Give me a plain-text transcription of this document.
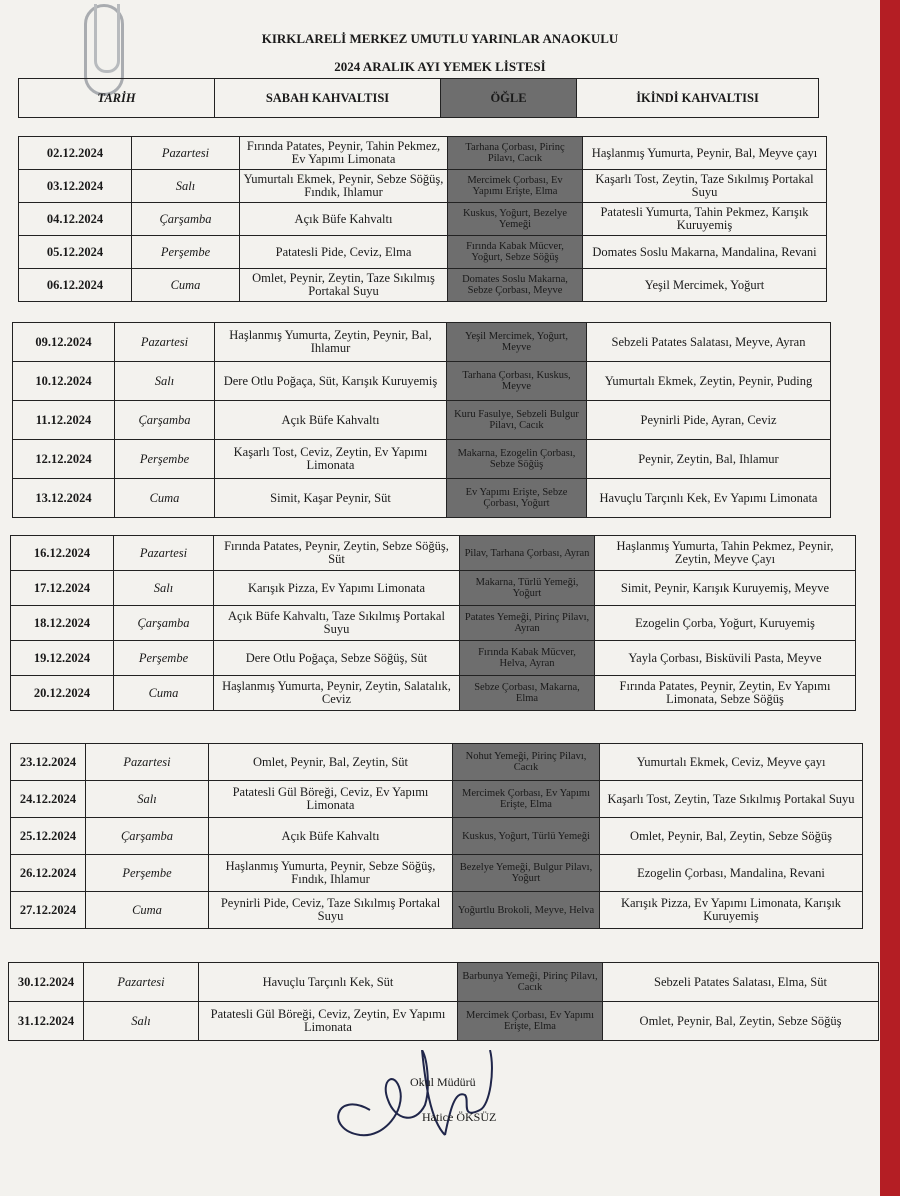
KIRKLARELİ MERKEZ UMUTLU YARINLAR ANAOKULU
2024 ARALIK AYI YEMEK LİSTESİ
TARİH	SABAH KAHVALTISI	ÖĞLE	İKİNDİ KAHVALTISI
02.12.2024	Pazartesi	Fırında Patates, Peynir, Tahin Pekmez, Ev Yapımı Limonata	Tarhana Çorbası, Pirinç Pilavı, Cacık	Haşlanmış Yumurta, Peynir, Bal, Meyve çayı
03.12.2024	Salı	Yumurtalı Ekmek, Peynir, Sebze Söğüş, Fındık, Ihlamur	Mercimek Çorbası, Ev Yapımı Erişte, Elma	Kaşarlı Tost, Zeytin, Taze Sıkılmış Portakal Suyu
04.12.2024	Çarşamba	Açık Büfe Kahvaltı	Kuskus, Yoğurt, Bezelye Yemeği	Patatesli Yumurta, Tahin Pekmez, Karışık Kuruyemiş
05.12.2024	Perşembe	Patatesli Pide, Ceviz, Elma	Fırında Kabak Mücver, Yoğurt, Sebze Söğüş	Domates Soslu Makarna, Mandalina, Revani
06.12.2024	Cuma	Omlet, Peynir, Zeytin, Taze Sıkılmış Portakal Suyu	Domates Soslu Makarna, Sebze Çorbası, Meyve	Yeşil Mercimek, Yoğurt
09.12.2024	Pazartesi	Haşlanmış Yumurta, Zeytin, Peynir, Bal, Ihlamur	Yeşil Mercimek, Yoğurt, Meyve	Sebzeli Patates Salatası, Meyve, Ayran
10.12.2024	Salı	Dere Otlu Poğaça, Süt, Karışık Kuruyemiş	Tarhana Çorbası, Kuskus, Meyve	Yumurtalı Ekmek, Zeytin, Peynir, Puding
11.12.2024	Çarşamba	Açık Büfe Kahvaltı	Kuru Fasulye, Sebzeli Bulgur Pilavı, Cacık	Peynirli Pide, Ayran, Ceviz
12.12.2024	Perşembe	Kaşarlı Tost, Ceviz, Zeytin, Ev Yapımı Limonata	Makarna, Ezogelin Çorbası, Sebze Söğüş	Peynir, Zeytin, Bal, Ihlamur
13.12.2024	Cuma	Simit, Kaşar Peynir, Süt	Ev Yapımı Erişte, Sebze Çorbası, Yoğurt	Havuçlu Tarçınlı Kek, Ev Yapımı Limonata
16.12.2024	Pazartesi	Fırında Patates, Peynir, Zeytin, Sebze Söğüş, Süt	Pilav, Tarhana Çorbası, Ayran	Haşlanmış Yumurta, Tahin Pekmez, Peynir, Zeytin, Meyve Çayı
17.12.2024	Salı	Karışık Pizza, Ev Yapımı Limonata	Makarna, Türlü Yemeği, Yoğurt	Simit, Peynir, Karışık Kuruyemiş, Meyve
18.12.2024	Çarşamba	Açık Büfe Kahvaltı, Taze Sıkılmış Portakal Suyu	Patates Yemeği, Pirinç Pilavı, Ayran	Ezogelin Çorba, Yoğurt, Kuruyemiş
19.12.2024	Perşembe	Dere Otlu Poğaça, Sebze Söğüş, Süt	Fırında Kabak Mücver, Helva, Ayran	Yayla Çorbası, Bisküvili Pasta, Meyve
20.12.2024	Cuma	Haşlanmış Yumurta, Peynir, Zeytin, Salatalık, Ceviz	Sebze Çorbası, Makarna, Elma	Fırında Patates, Peynir, Zeytin, Ev Yapımı Limonata, Sebze Söğüş
23.12.2024	Pazartesi	Omlet, Peynir, Bal, Zeytin, Süt	Nohut Yemeği, Pirinç Pilavı, Cacık	Yumurtalı Ekmek, Ceviz, Meyve çayı
24.12.2024	Salı	Patatesli Gül Böreği, Ceviz, Ev Yapımı Limonata	Mercimek Çorbası, Ev Yapımı Erişte, Elma	Kaşarlı Tost, Zeytin, Taze Sıkılmış Portakal Suyu
25.12.2024	Çarşamba	Açık Büfe Kahvaltı	Kuskus, Yoğurt, Türlü Yemeği	Omlet, Peynir, Bal, Zeytin, Sebze Söğüş
26.12.2024	Perşembe	Haşlanmış Yumurta, Peynir, Sebze Söğüş, Fındık, Ihlamur	Bezelye Yemeği, Bulgur Pilavı, Yoğurt	Ezogelin Çorbası, Mandalina, Revani
27.12.2024	Cuma	Peynirli Pide, Ceviz, Taze Sıkılmış Portakal Suyu	Yoğurtlu Brokoli, Meyve, Helva	Karışık Pizza, Ev Yapımı Limonata, Karışık Kuruyemiş
30.12.2024	Pazartesi	Havuçlu Tarçınlı Kek, Süt	Barbunya Yemeği, Pirinç Pilavı, Cacık	Sebzeli Patates Salatası, Elma, Süt
31.12.2024	Salı	Patatesli Gül Böreği, Ceviz, Zeytin, Ev Yapımı Limonata	Mercimek Çorbası, Ev Yapımı Erişte, Elma	Omlet, Peynir, Bal, Zeytin, Sebze Söğüş
Okul Müdürü
Hatice ÖKSÜZ
